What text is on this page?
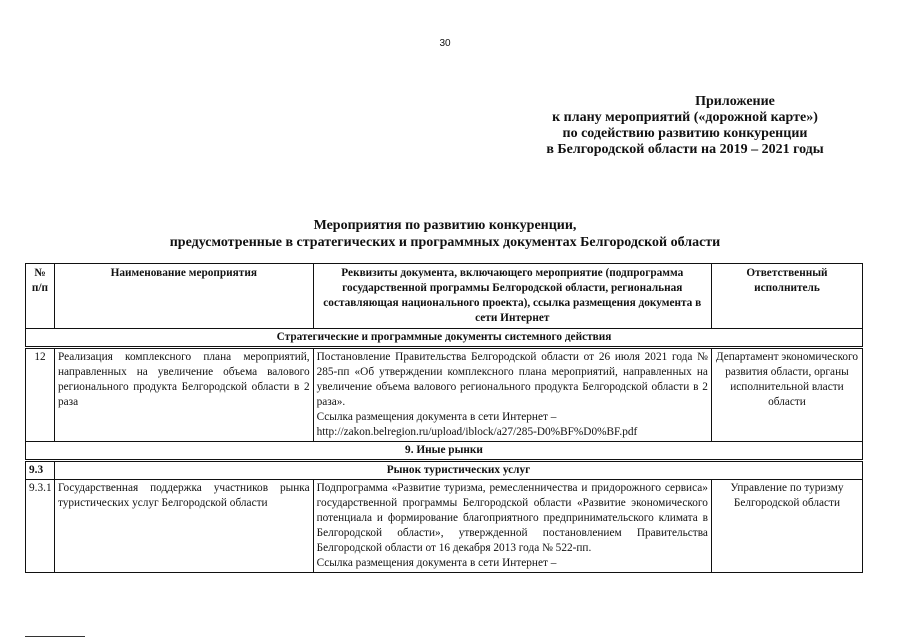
30
Приложение
к плану мероприятий («дорожной карте»)
по содействию развитию конкуренции
в Белгородской области на 2019 – 2021 годы
Мероприятия по развитию конкуренции,
предусмотренные в стратегических и программных документах Белгородской области
№ п/п	Наименование мероприятия	Реквизиты документа, включающего мероприятие (подпрограмма государственной программы Белгородской области, региональная составляющая национального проекта), ссылка размещения документа в сети Интернет	Ответственный исполнитель
Стратегические и программные документы системного действия			
12	Реализация комплексного плана мероприятий, направленных на увеличение объема валового регионального продукта Белгородской области в 2 раза	Постановление Правительства Белгородской области от 26 июля 2021 года № 285-пп «Об утверждении комплексного плана мероприятий, направленных на увеличение объема валового регионального продукта Белгородской области в 2 раза».
Ссылка размещения документа в сети Интернет –
http://zakon.belregion.ru/upload/iblock/a27/285-D0%BF%D0%BF.pdf	Департамент экономического развития области, органы исполнительной власти области
9. Иные рынки			
9.3	Рынок туристических услуг		
9.3.1	Государственная поддержка участников рынка туристических услуг Белгородской области	Подпрограмма «Развитие туризма, ремесленничества и придорожного сервиса» государственной программы Белгородской области «Развитие экономического потенциала и формирование благоприятного предпринимательского климата в Белгородской области», утвержденной постановлением Правительства Белгородской области от 16 декабря 2013 года № 522-пп.
Ссылка размещения документа в сети Интернет –	Управление по туризму Белгородской области
